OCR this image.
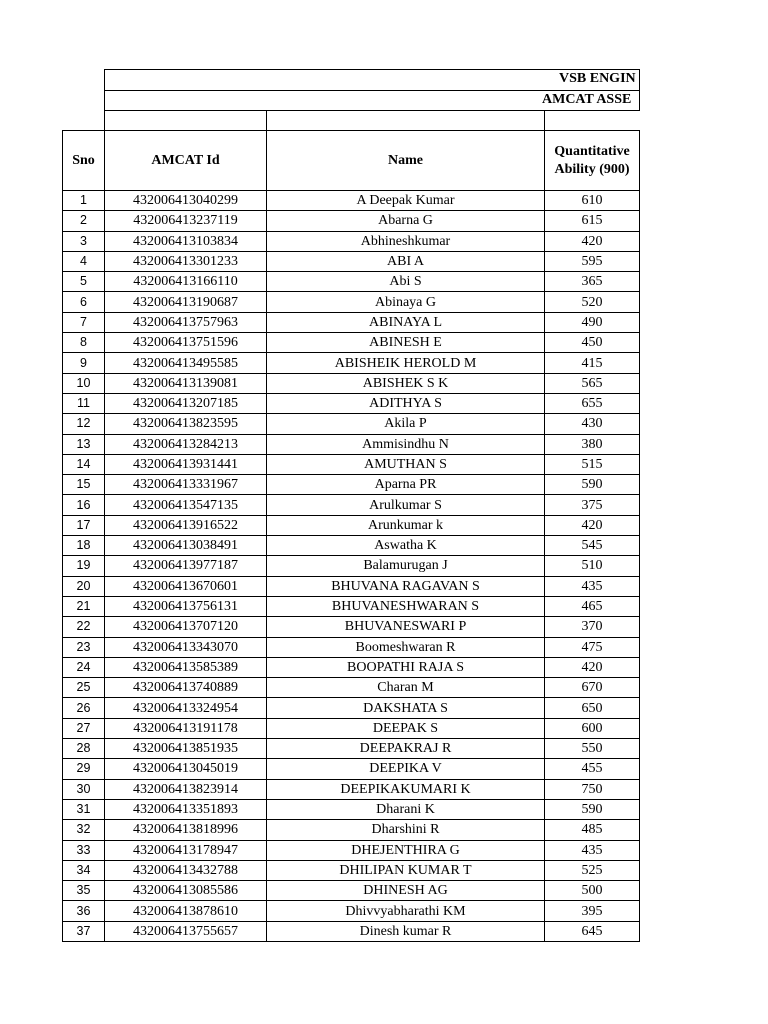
VSB ENGIN
AMCAT ASSE
Sno	AMCAT Id	Name	Quantitative
Ability (900)

1	432006413040299	A Deepak Kumar	610
2	432006413237119	Abarna G	615
3	432006413103834	Abhineshkumar	420
4	432006413301233	ABI A	595
5	432006413166110	Abi S	365
6	432006413190687	Abinaya G	520
7	432006413757963	ABINAYA L	490
8	432006413751596	ABINESH E	450
9	432006413495585	ABISHEIK HEROLD M	415
10	432006413139081	ABISHEK S K	565
11	432006413207185	ADITHYA S	655
12	432006413823595	Akila P	430
13	432006413284213	Ammisindhu N	380
14	432006413931441	AMUTHAN S	515
15	432006413331967	Aparna PR	590
16	432006413547135	Arulkumar S	375
17	432006413916522	Arunkumar k	420
18	432006413038491	Aswatha K	545
19	432006413977187	Balamurugan J	510
20	432006413670601	BHUVANA RAGAVAN S	435
21	432006413756131	BHUVANESHWARAN S	465
22	432006413707120	BHUVANESWARI P	370
23	432006413343070	Boomeshwaran R	475
24	432006413585389	BOOPATHI RAJA S	420
25	432006413740889	Charan M	670
26	432006413324954	DAKSHATA S	650
27	432006413191178	DEEPAK S	600
28	432006413851935	DEEPAKRAJ R	550
29	432006413045019	DEEPIKA V	455
30	432006413823914	DEEPIKAKUMARI K	750
31	432006413351893	Dharani K	590
32	432006413818996	Dharshini R	485
33	432006413178947	DHEJENTHIRA G	435
34	432006413432788	DHILIPAN KUMAR T	525
35	432006413085586	DHINESH AG	500
36	432006413878610	Dhivvyabharathi KM	395
37	432006413755657	Dinesh kumar R	645
